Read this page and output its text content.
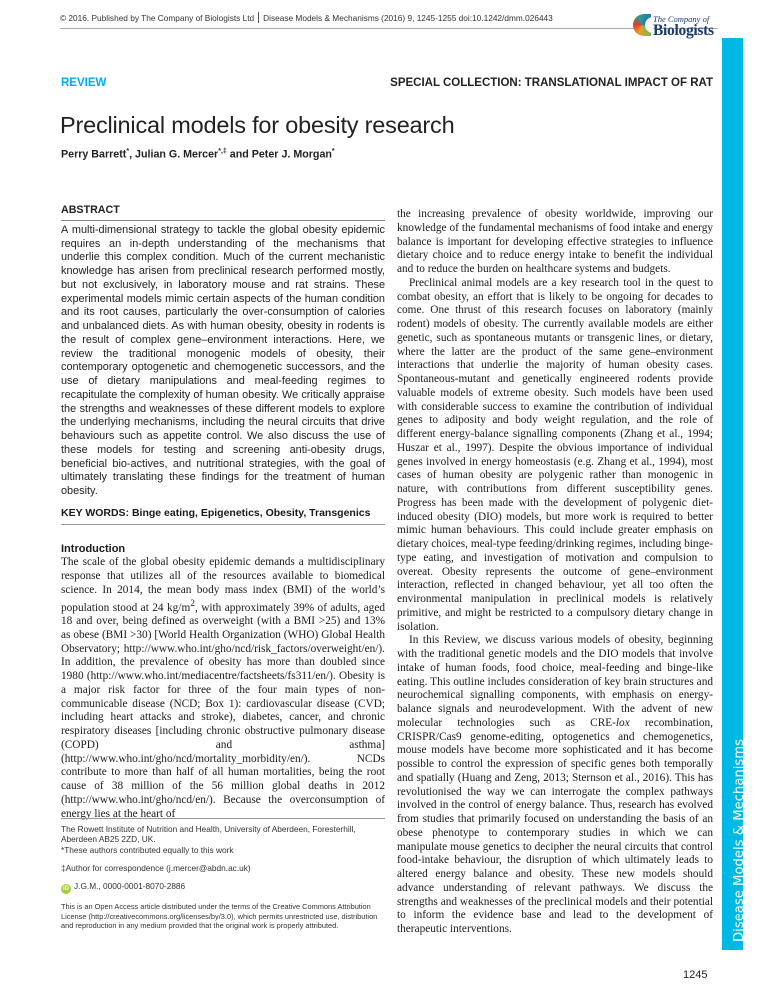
© 2016. Published by The Company of Biologists Ltd Disease Models & Mechanisms (2016) 9, 1245-1255 doi:10.1242/dmm.026443	The Company of
Biologists
Disease Models & Mechanisms
REVIEW	SPECIAL COLLECTION: TRANSLATIONAL IMPACT OF RAT
Preclinical models for obesity research
Perry Barrett*, Julian G. Mercer*,‡ and Peter J. Morgan*
ABSTRACT

A multi-dimensional strategy to tackle the global obesity epidemic requires an in-depth understanding of the mechanisms that underlie this complex condition. Much of the current mechanistic knowledge has arisen from preclinical research performed mostly, but not exclusively, in laboratory mouse and rat strains. These experimental models mimic certain aspects of the human condition and its root causes, particularly the over-consumption of calories and unbalanced diets. As with human obesity, obesity in rodents is the result of complex gene–environment interactions. Here, we review the traditional monogenic models of obesity, their contemporary optogenetic and chemogenetic successors, and the use of dietary manipulations and meal-feeding regimes to recapitulate the complexity of human obesity. We critically appraise the strengths and weaknesses of these different models to explore the underlying mechanisms, including the neural circuits that drive behaviours such as appetite control. We also discuss the use of these models for testing and screening anti-obesity drugs, beneficial bio-actives, and nutritional strategies, with the goal of ultimately translating these findings for the treatment of human obesity.

KEY WORDS: Binge eating, Epigenetics, Obesity, Transgenics
Introduction

The scale of the global obesity epidemic demands a multidisciplinary response that utilizes all of the resources available to biomedical science. In 2014, the mean body mass index (BMI) of the world’s population stood at 24 $kg/m^2$, with approximately 39% of adults, aged 18 and over, being defined as overweight (with a BMI >25) and 13% as obese (BMI >30) [World Health Organization (WHO) Global Health Observatory; http://www.who.int/gho/ncd/risk_factors/overweight/en/). In addition, the prevalence of obesity has more than doubled since 1980 (http://www.who.int/mediacentre/factsheets/fs311/en/). Obesity is a major risk factor for three of the four main types of non-communicable disease (NCD; Box 1): cardiovascular disease (CVD; including heart attacks and stroke), diabetes, cancer, and chronic respiratory diseases [including chronic obstructive pulmonary disease (COPD) and asthma] (http://www.who.int/gho/ncd/mortality_morbidity/en/). NCDs contribute to more than half of all human mortalities, being the root cause of 38 million of the 56 million global deaths in 2012 (http://www.who.int/gho/ncd/en/). Because the overconsumption of energy lies at the heart of

The Rowett Institute of Nutrition and Health, University of Aberdeen, Foresterhill, Aberdeen AB25 2ZD, UK.
*These authors contributed equally to this work
‡Author for correspondence (j.mercer@abdn.ac.uk)
iD J.G.M., 0000-0001-8070-2886
This is an Open Access article distributed under the terms of the Creative Commons Attribution License (http://creativecommons.org/licenses/by/3.0), which permits unrestricted use, distribution and reproduction in any medium provided that the original work is properly attributed.

the increasing prevalence of obesity worldwide, improving our knowledge of the fundamental mechanisms of food intake and energy balance is important for developing effective strategies to influence dietary choice and to reduce energy intake to benefit the individual and to reduce the burden on healthcare systems and budgets.

Preclinical animal models are a key research tool in the quest to combat obesity, an effort that is likely to be ongoing for decades to come. One thrust of this research focuses on laboratory (mainly rodent) models of obesity. The currently available models are either genetic, such as spontaneous mutants or transgenic lines, or dietary, where the latter are the product of the same gene–environment interactions that underlie the majority of human obesity cases. Spontaneous-mutant and genetically engineered rodents provide valuable models of extreme obesity. Such models have been used with considerable success to examine the contribution of individual genes to adiposity and body weight regulation, and the role of different energy-balance signalling components (Zhang et al., 1994; Huszar et al., 1997). Despite the obvious importance of individual genes involved in energy homeostasis (e.g. Zhang et al., 1994), most cases of human obesity are polygenic rather than monogenic in nature, with contributions from different susceptibility genes. Progress has been made with the development of polygenic diet-induced obesity (DIO) models, but more work is required to better mimic human behaviours. This could include greater emphasis on dietary choices, meal-type feeding/drinking regimes, including binge-type eating, and investigation of motivation and compulsion to overeat. Obesity represents the outcome of gene–environment interaction, reflected in changed behaviour, yet all too often the environmental manipulation in preclinical models is relatively primitive, and might be restricted to a compulsory dietary change in isolation.

In this Review, we discuss various models of obesity, beginning with the traditional genetic models and the DIO models that involve intake of human foods, food choice, meal-feeding and binge-like eating. This outline includes consideration of key brain structures and neurochemical signalling components, with emphasis on energy-balance signals and neurodevelopment. With the advent of new molecular technologies such as CRE-lox recombination, CRISPR/Cas9 genome-editing, optogenetics and chemogenetics, mouse models have become more sophisticated and it has become possible to control the expression of specific genes both temporally and spatially (Huang and Zeng, 2013; Sternson et al., 2016). This has revolutionised the way we can interrogate the complex pathways involved in the control of energy balance. Thus, research has evolved from studies that primarily focused on understanding the basis of an obese phenotype to contemporary studies in which we can manipulate mouse genetics to decipher the neural circuits that control food-intake behaviour, the disruption of which ultimately leads to altered energy balance and obesity. These new models should advance understanding of relevant pathways. We discuss the strengths and weaknesses of the preclinical models and their potential to inform the evidence base and lead to the development of therapeutic interventions.

1245
